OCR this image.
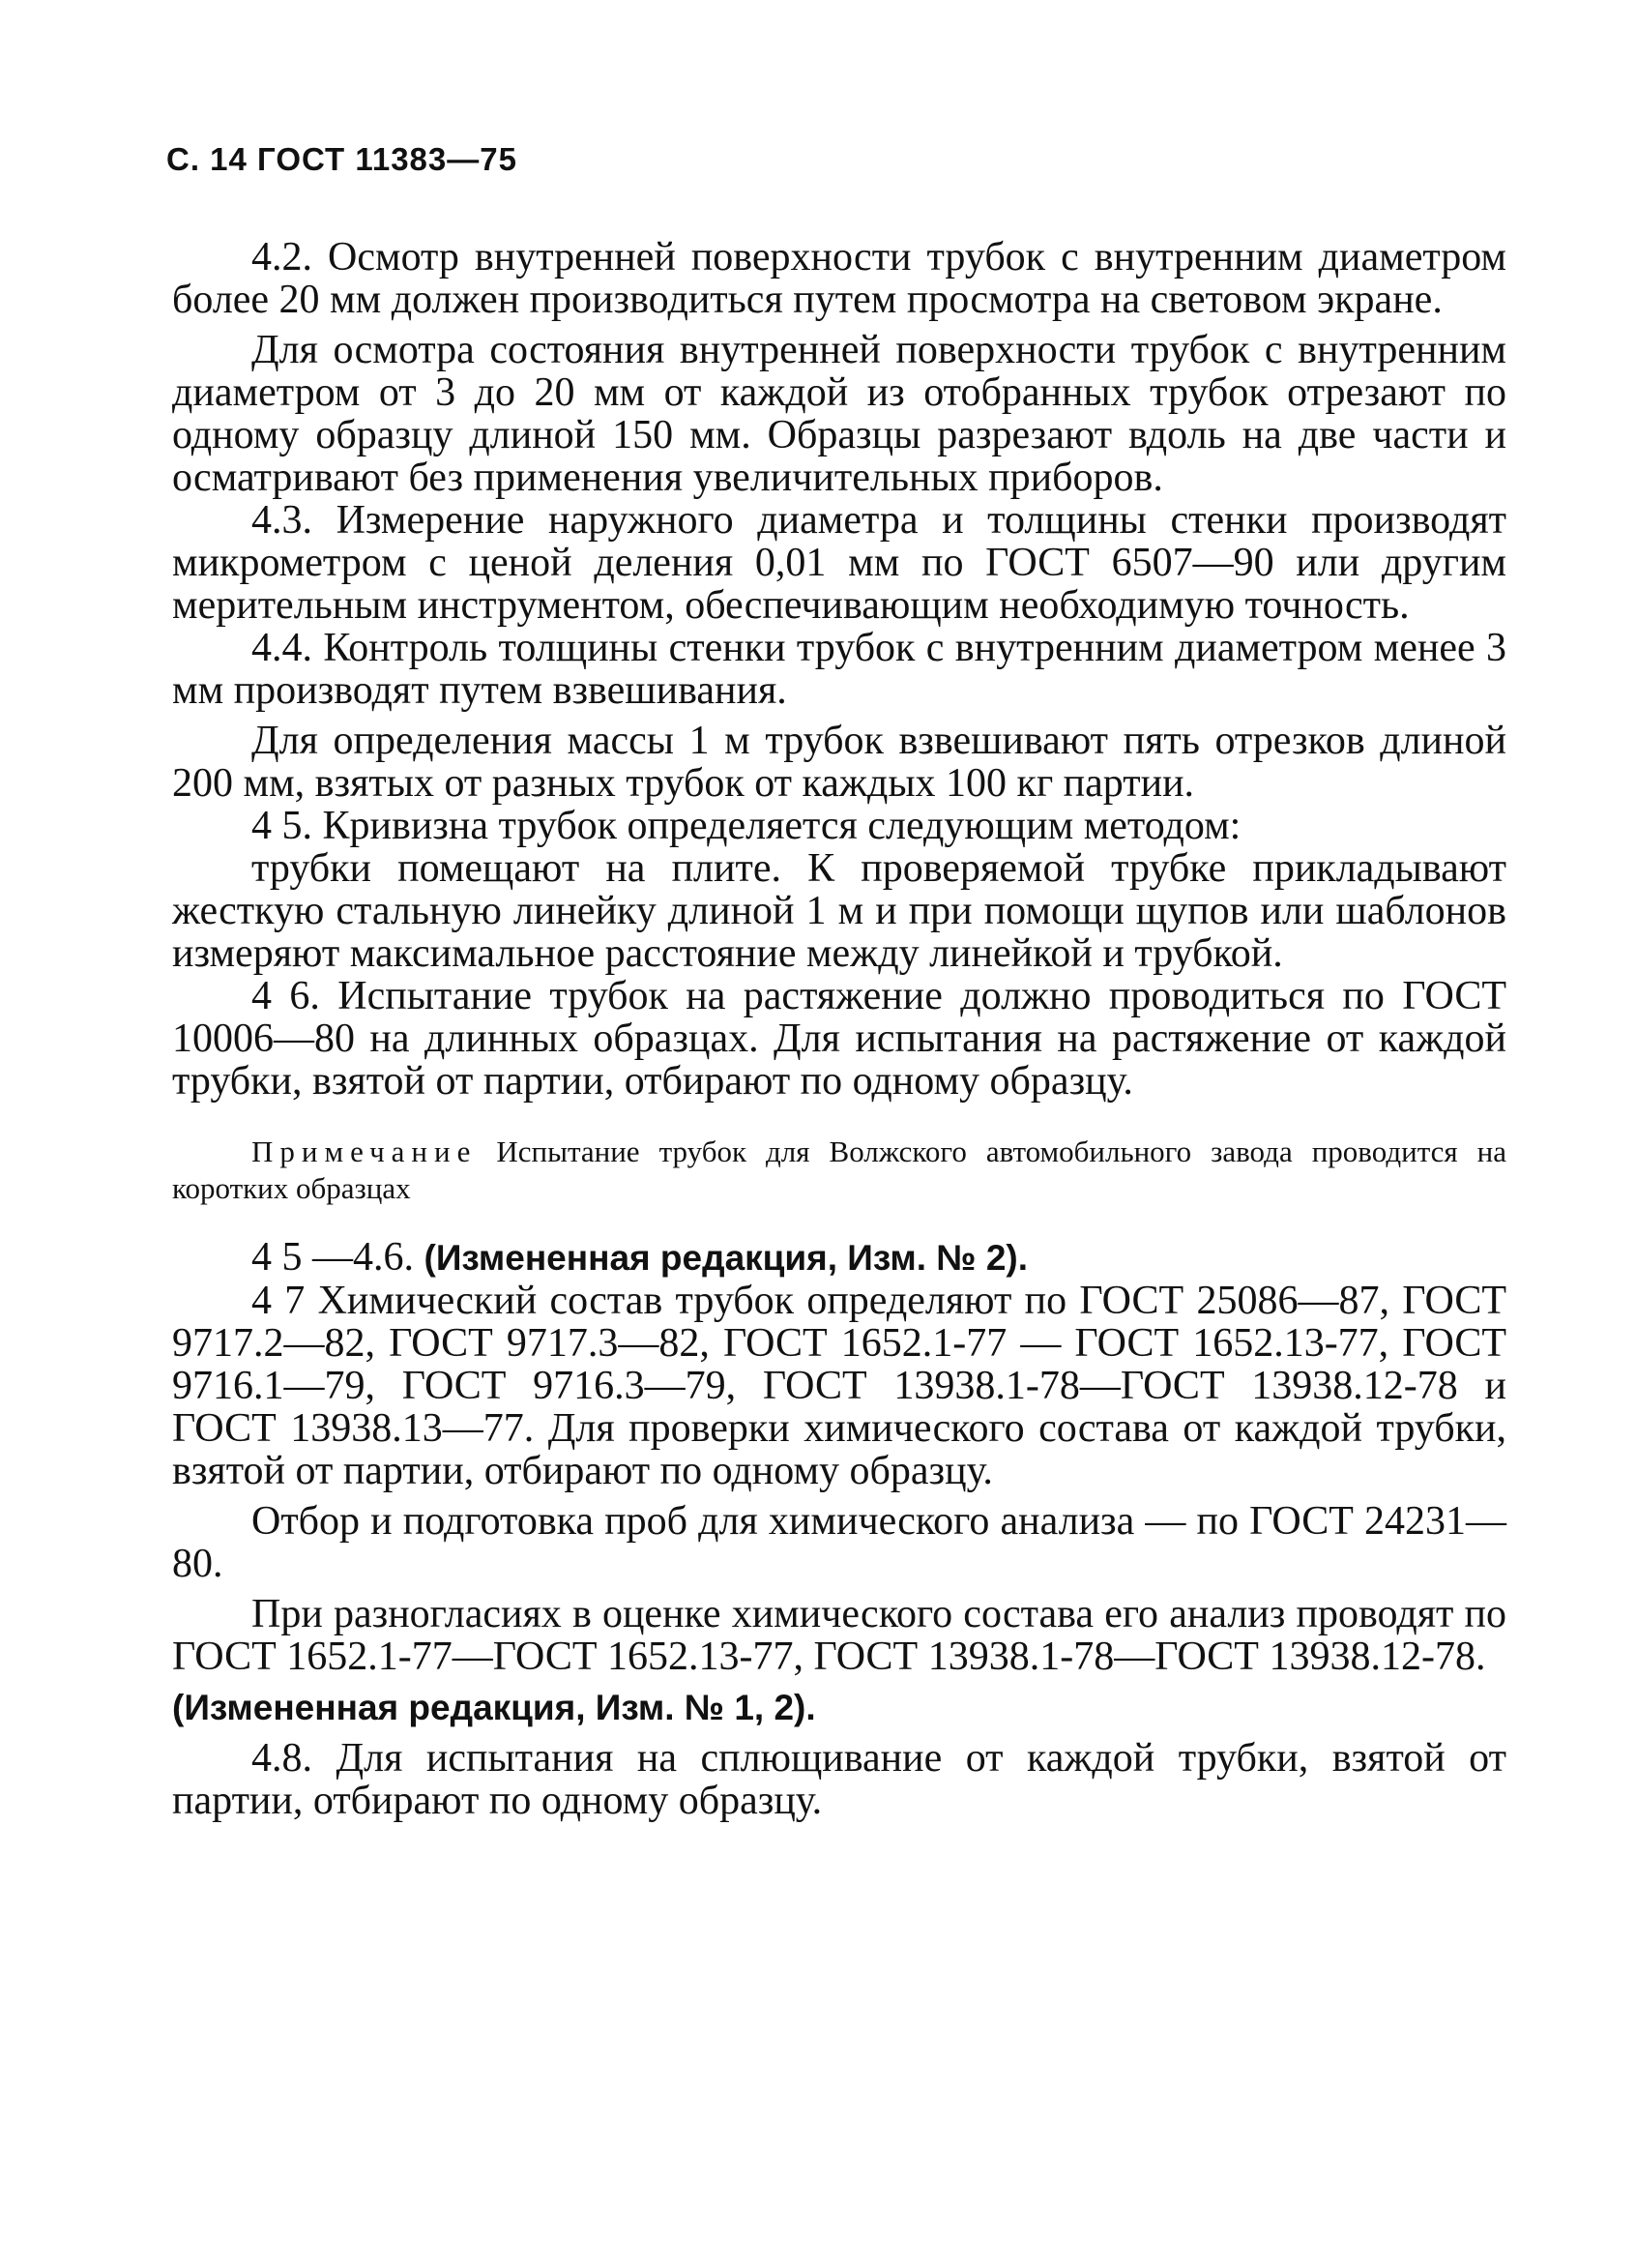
С. 14 ГОСТ 11383—75

4.2. Осмотр внутренней поверхности трубок с внутренним диаметром более 20 мм должен производиться путем просмотра на световом экране.

Для осмотра состояния внутренней поверхности трубок с внутренним диаметром от 3 до 20 мм от каждой из отобранных трубок отрезают по одному образцу длиной 150 мм. Образцы разрезают вдоль на две части и осматривают без применения увеличительных приборов.

4.3. Измерение наружного диаметра и толщины стенки производят микрометром с ценой деления 0,01 мм по ГОСТ 6507—90 или другим мерительным инструментом, обеспечивающим необходимую точность.

4.4. Контроль толщины стенки трубок с внутренним диаметром менее 3 мм производят путем взвешивания.

Для определения массы 1 м трубок взвешивают пять отрезков длиной 200 мм, взятых от разных трубок от каждых 100 кг партии.

4 5. Кривизна трубок определяется следующим методом:

трубки помещают на плите. К проверяемой трубке прикладывают жесткую стальную линейку длиной 1 м и при помощи щупов или шаблонов измеряют максимальное расстояние между линейкой и трубкой.

4 6. Испытание трубок на растяжение должно проводиться по ГОСТ 10006—80 на длинных образцах. Для испытания на растяжение от каждой трубки, взятой от партии, отбирают по одному образцу.

Примечание Испытание трубок для Волжского автомобильного завода проводится на коротких образцах

4 5 —4.6. (Измененная редакция, Изм. № 2).

4 7 Химический состав трубок определяют по ГОСТ 25086—87, ГОСТ 9717.2—82, ГОСТ 9717.3—82, ГОСТ 1652.1-77 — ГОСТ 1652.13-77, ГОСТ 9716.1—79, ГОСТ 9716.3—79, ГОСТ 13938.1-78—ГОСТ 13938.12-78 и ГОСТ 13938.13—77. Для проверки химического состава от каждой трубки, взятой от партии, отбирают по одному образцу.

Отбор и подготовка проб для химического анализа — по ГОСТ 24231—80.

При разногласиях в оценке химического состава его анализ проводят по ГОСТ 1652.1-77—ГОСТ 1652.13-77, ГОСТ 13938.1-78—ГОСТ 13938.12-78.

(Измененная редакция, Изм. № 1, 2).

4.8. Для испытания на сплющивание от каждой трубки, взятой от партии, отбирают по одному образцу.
